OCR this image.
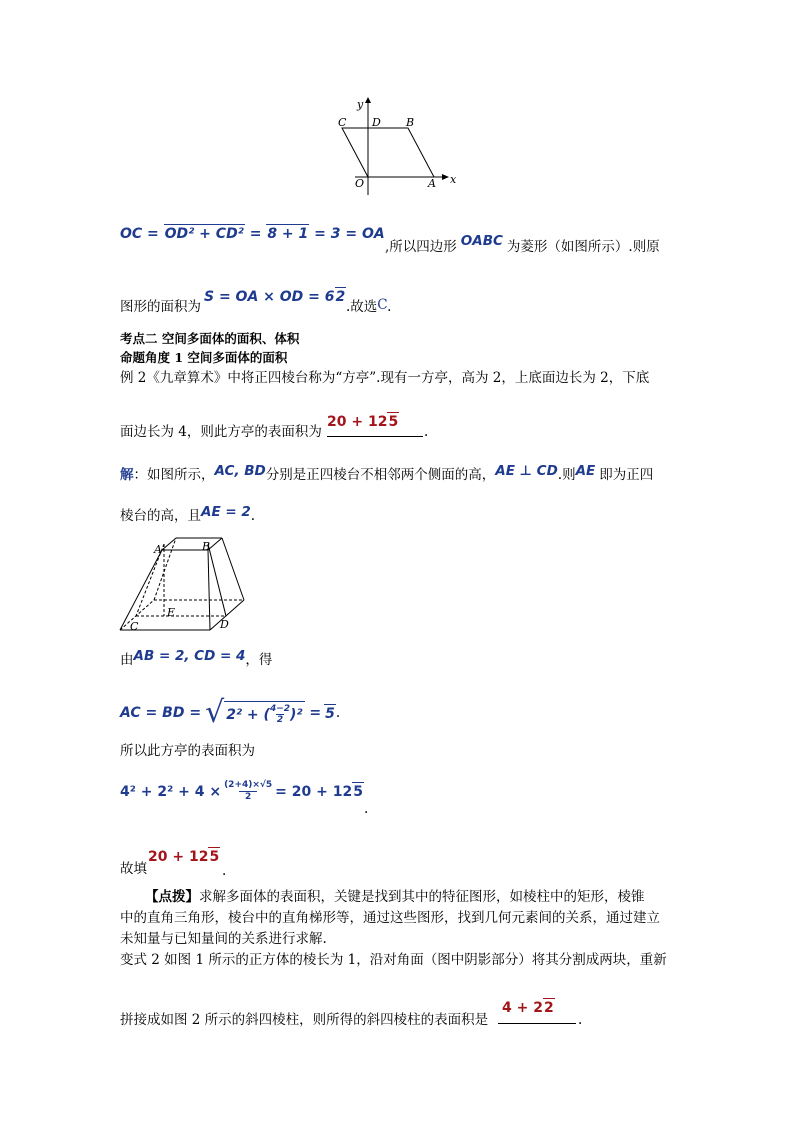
y
C D B
O	A x
OC = OD² + CD² = 8 + 1 = 3 = OA
,所以四边形 OABC 为菱形（如图所示）.则原
图形的面积为
S = OA × OD = 62
.故选C.
考点二 空间多面体的面积、体积
命题角度 1 空间多面体的面积
例 2《九章算术》中将正四棱台称为“方亭”.现有一方亭，高为 2，上底面边长为 2，下底
面边长为 4，则此方亭的表面积为
20 + 125
.
解：如图所示，AC, BD分别是正四棱台不相邻两个侧面的高，AE ⊥ CD.则AE 即为正四
棱台的高，且AE = 2.
A	B
E
C	D
由AB = 2, CD = 4，得
AC = BD = √ 2² + ( 4−2
2 )² = 5 .
所以此方亭的表面积为
4² + 2² + 4 × (2+4)×√5
2	= 20 + 12 5
.
故填
20 + 125
.
【点拨】求解多面体的表面积，关键是找到其中的特征图形，如棱柱中的矩形，棱锥
中的直角三角形，棱台中的直角梯形等，通过这些图形，找到几何元素间的关系，通过建立
未知量与已知量间的关系进行求解.
变式 2 如图 1 所示的正方体的棱长为 1，沿对角面（图中阴影部分）将其分割成两块，重新
拼接成如图 2 所示的斜四棱柱，则所得的斜四棱柱的表面积是
4 + 22
.
